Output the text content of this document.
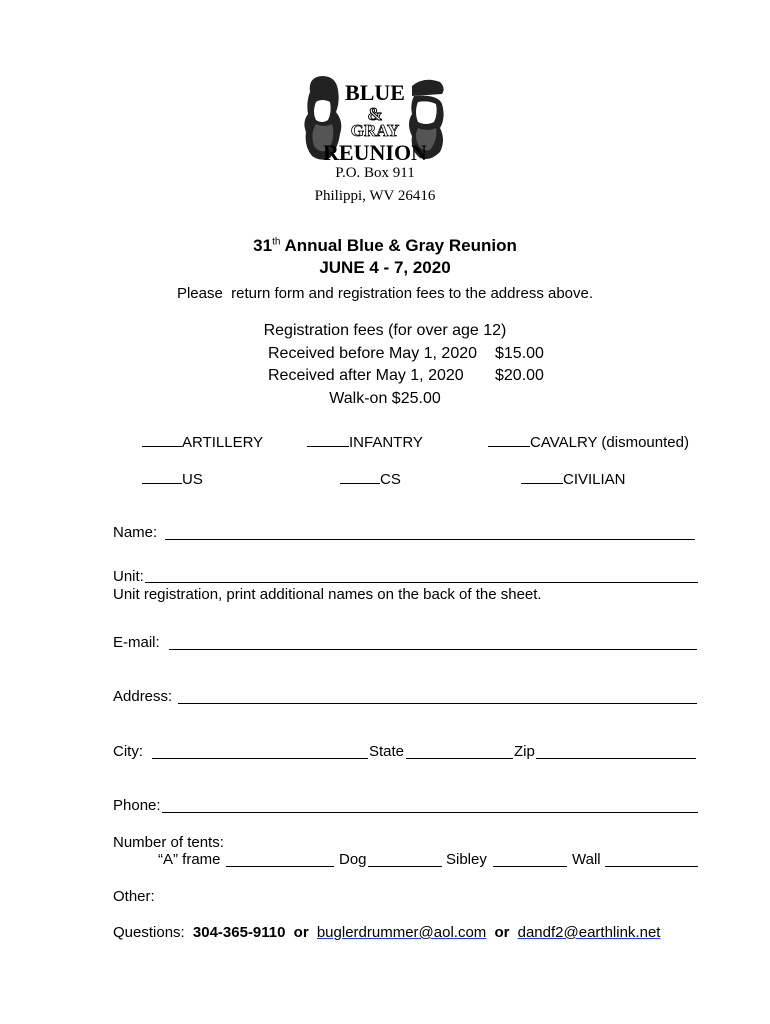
BLUE
&
GRAY
REUNION
P.O. Box 911
Philippi, WV 26416
31th Annual Blue & Gray Reunion
JUNE 4 - 7, 2020
Please  return form and registration fees to the address above.
Registration fees (for over age 12)
Received before May 1, 2020 $15.00
Received after May 1, 2020 $20.00
Walk-on $25.00
ARTILLERY	INFANTRY	CAVALRY (dismounted)
US	CS	CIVILIAN
Name:
Unit:
Unit registration, print additional names on the back of the sheet.
E-mail:
Address:
City:	State	Zip
Phone:
Number of tents:
“A” frame	Dog	Sibley	Wall
Other:
Questions: 304-365-9110 or buglerdrummer@aol.com or dandf2@earthlink.net
